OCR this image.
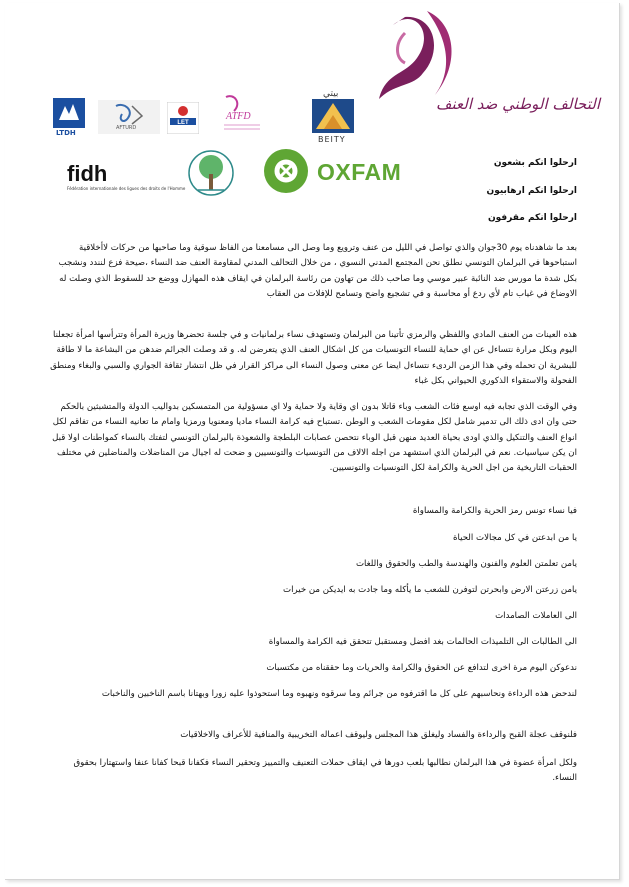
التحالف الوطني ضد العنف
LTDH
AFTURD
LET
ATFD
بيتي
BEITY
fidh
Fédération internationale des ligues des droits de l'Homme
OXFAM	ارحلوا انكم بشعون
ارحلوا انكم ارهابيون
ارحلوا انكم مقرفون

بعد ما شاهدناه يوم 30جوان والذي تواصل في الليل من عنف وترويع وما وصل الى مسامعنا من الفاظ سوقية وما صاحبها من حركات لاأخلاقية استباحوها في البرلمان التونسي نطلق نحن المجتمع المدني النسوي ، من خلال التحالف المدني لمقاومة العنف ضد النساء ،صيحة فزع لنندد ونشجب بكل شدة ما مورس ضد النائبة عبير موسي وما صاحب ذلك من تهاون من رئاسة البرلمان في ايقاف هذه المهازل ووضع حد للسقوط الذي وصلت له الاوضاع في غياب تام لأي ردع أو محاسبة و في تشجيع واضح وتسامح للإفلات من العقاب

هذه العينات من العنف المادي واللفظي والرمزي تأتينا من البرلمان وتستهدف نساء برلمانيات و في جلسة تحضرها وزيرة المرأة وتترأسها امرأة تجعلنا اليوم وبكل مرارة نتساءل عن اي حماية للنساء التونسيات من كل اشكال العنف الذي يتعرضن له. و قد وصلت الجرائم ضدهن من البشاعة ما لا طاقة للبشرية ان تحمله وفي هذا الزمن الردىء نتساءل ايضا عن معنى وصول النساء الى مراكز القرار في ظل انتشار ثقافة الجواري والسبي والبغاء ومنطق الفحولة والاستقواء الذكوري الحيواني بكل غباء

وفي الوقت الذي تجابه فيه اوسع فئات الشعب وباء قاتلا بدون اي وقاية ولا حماية ولا اي مسؤولية من المتمسكين بدواليب الدولة والمتشبثين بالحكم حتى وان ادى ذلك الى تدمير شامل لكل مقومات الشعب و الوطن .تستباح فيه كرامة النساء ماديا ومعنويا ورمزيا وامام ما تعانيه النساء من تفاقم لكل انواع العنف والتنكيل والذي اودى بحياة العديد منهن قبل الوباء نتحصن عصابات البلطجة والشعوذة بالبرلمان التونسي لتفتك بالنساء كمواطنات اولا قبل ان يكن سياسيات. نعم في البرلمان الذي استشهد من اجله الالاف من التونسيات والتونسيين و ضحت له اجيال من المناضلات والمناضلين في مختلف الحقبات التاريخية من اجل الحرية والكرامة لكل التونسيات والتونسيين.

فيا نساء تونس رمز الحرية والكرامة والمساواة

يا من ابدعتن في كل مجالات الحياة

يامن تعلمتن العلوم والفنون والهندسة والطب والحقوق واللغات

يامن زرعتن الارض وابحرتن لتوفرن للشعب ما يأكله وما جادت به ايديكن من خيرات

الى العاملات الصامدات

الى الطالبات الى التلميذات الحالمات بغد افضل ومستقبل تتحقق فيه الكرامة والمساواة

ندعوكن اليوم مرة اخرى لتدافع عن الحقوق والكرامة والحريات وما حققناه من مكتسبات

لندحض هذه الرداءة ونحاسبهم على كل ما اقترفوه من جرائم وما سرقوه ونهبوه وما استحوذوا عليه زورا وبهتانا باسم الناخبين والناخبات

فلنوقف عجلة القبح والرداءة والفساد وليغلق هذا المجلس وليوقف اعماله التخريبية والمنافية للأعراف والاخلاقيات

ولكل امرأة عضوة في هذا البرلمان نطالبها بلعب دورها في ايقاف حملات التعنيف والتمييز وتحقير النساء فكفانا قبحا كفانا عنفا واستهتارا بحقوق النساء.
